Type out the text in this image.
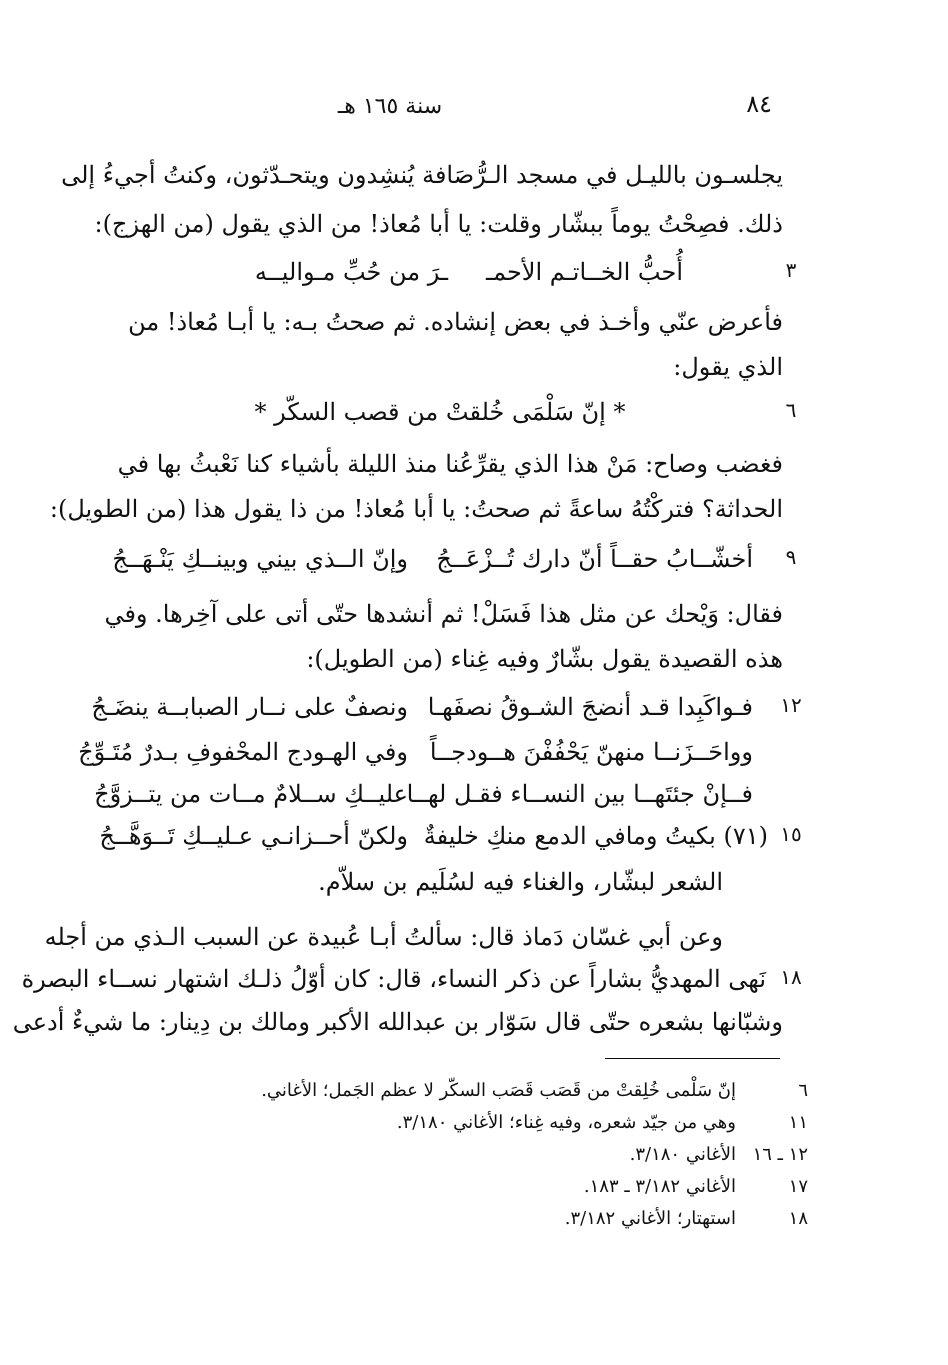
سنة ١٦٥ هـ	٨٤
يجلسـون بالليـل في مسجد الـرُّصَافة يُنشِدون ويتحـدّثون، وكنتُ أجيءُ إلى
ذلك. فصِحْتُ يوماً ببشّار وقلت: يا أبا مُعاذ! من الذي يقول (من الهزج):
٣
أُحبُّ الخــاتـم الأحمـ
ـرَ من حُبِّ مـواليــه
فأعرض عنّي وأخـذ في بعض إنشاده. ثم صحتُ بـه: يا أبـا مُعاذ! من
الذي يقول:
٦
* إنّ سَلْمَى خُلقتْ من قصب السكّر *
فغضب وصاح: مَنْ هذا الذي يقرِّعُنا منذ الليلة بأشياء كنا نَعْبثُ بها في
الحداثة؟ فتركْتُهُ ساعةً ثم صحتُ: يا أبا مُعاذ! من ذا يقول هذا (من الطويل):
٩
أخشّــابُ حقــاً أنّ دارك تُــزْعَــجُ
وإنّ الــذي بيني وبينــكِ يَنْـهَــجُ
فقال: وَيْحك عن مثل هذا فَسَلْ! ثم أنشدها حتّى أتى على آخِرها. وفي
هذه القصيدة يقول بشّارٌ وفيه غِناء (من الطويل):
١٢
فـواكَبِدا قـد أنضجَ الشـوقُ نصفَهـا
ونصفٌ على نــار الصبابــة ينضَـجُ
وواحَــزَنــا منهنّ يَحْفُفْنَ هــودجــاً
وفي الهـودج المحْفوفِ بـدرٌ مُتَـوِّجُ
فــإنْ جئتَهــا بين النســاء فقـل لهــا
عليــكِ ســلامٌ مــات من يتــزوَّجُ
١٥
(٧١) بكيتُ ومافي الدمع منكِ خليفةٌ
ولكنّ أحــزانـي عـليــكِ تَــوَهَّــجُ
الشعر لبشّار، والغناء فيه لسُلَيم بن سلاّم.
وعن أبي غسّان دَماذ قال: سألتُ أبـا عُبيدة عن السبب الـذي من أجله
١٨
نَهى المهديُّ بشاراً عن ذكر النساء، قال: كان أوّلُ ذلـك اشتهار نســاء البصرة
وشبّانها بشعره حتّى قال سَوّار بن عبدالله الأكبر ومالك بن دِينار: ما شيءٌ أدعى
٦
إنّ سَلْمى خُلِقتْ من قَصَب قَصَب السكّر لا عظم الجَمل؛ الأغاني.
١١
وهي من جيّد شعره، وفيه غِناء؛ الأغاني ٣/١٨٠.
١٢ ـ ١٦
الأغاني ٣/١٨٠.
١٧
الأغاني ٣/١٨٢ ـ ١٨٣.
١٨
استهتار؛ الأغاني ٣/١٨٢.
